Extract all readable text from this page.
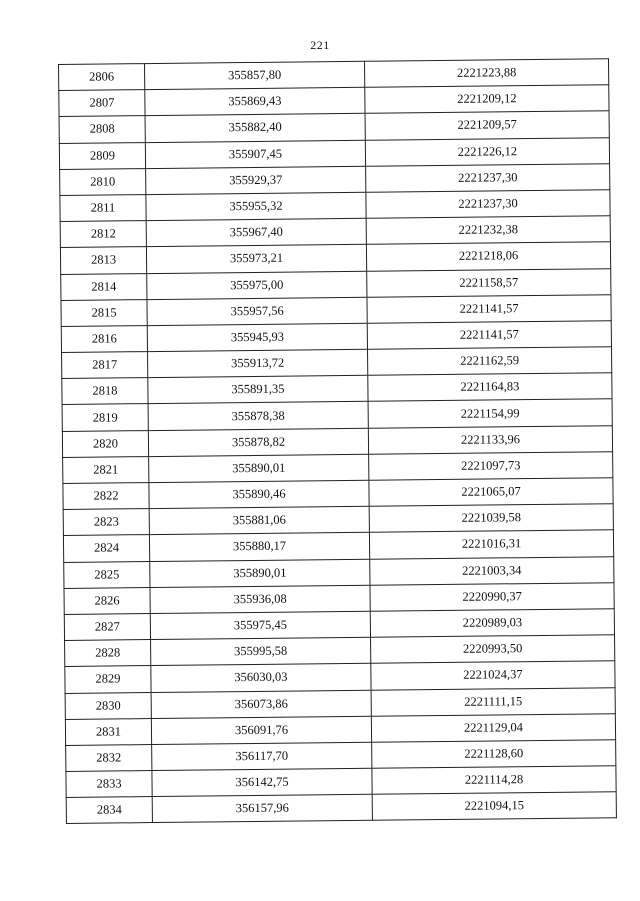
221
2806	355857,80	2221223,88
2807	355869,43	2221209,12
2808	355882,40	2221209,57
2809	355907,45	2221226,12
2810	355929,37	2221237,30
2811	355955,32	2221237,30
2812	355967,40	2221232,38
2813	355973,21	2221218,06
2814	355975,00	2221158,57
2815	355957,56	2221141,57
2816	355945,93	2221141,57
2817	355913,72	2221162,59
2818	355891,35	2221164,83
2819	355878,38	2221154,99
2820	355878,82	2221133,96
2821	355890,01	2221097,73
2822	355890,46	2221065,07
2823	355881,06	2221039,58
2824	355880,17	2221016,31
2825	355890,01	2221003,34
2826	355936,08	2220990,37
2827	355975,45	2220989,03
2828	355995,58	2220993,50
2829	356030,03	2221024,37
2830	356073,86	2221111,15
2831	356091,76	2221129,04
2832	356117,70	2221128,60
2833	356142,75	2221114,28
2834	356157,96	2221094,15
